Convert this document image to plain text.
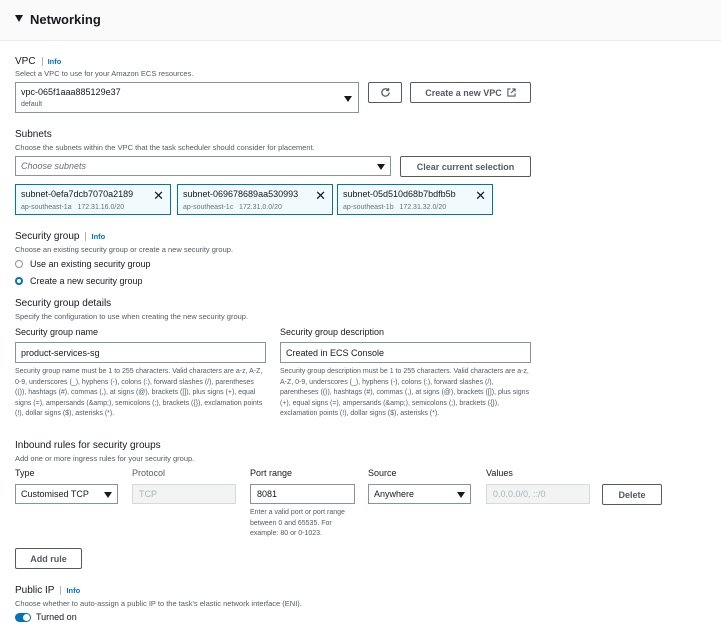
Networking
VPC Info
Select a VPC to use for your Amazon ECS resources.
vpc-065f1aaa885129e37
default
Create a new VPC
Subnets
Choose the subnets within the VPC that the task scheduler should consider for placement.
Choose subnets	Clear current selection
subnet-0efa7dcb7070a2189
ap-southeast-1a 172.31.16.0/20
✕ subnet-069678689aa530993
ap-southeast-1c 172.31.0.0/20
✕ subnet-05d510d68b7bdfb5b
ap-southeast-1b 172.31.32.0/20
✕
Security group Info
Choose an existing security group or create a new security group.
Use an existing security group
Create a new security group
Security group details
Specify the configuration to use when creating the new security group.
Security group name
product-services-sg
Security group name must be 1 to 255 characters. Valid characters are a-z, A-Z, 0-9, underscores (_), hyphens (-), colons (:), forward slashes (/), parentheses (()), hashtags (#), commas (,), at signs (@), brackets ([]), plus signs (+), equal signs (=), ampersands (&amp;), semicolons (;), brackets ({}), exclamation points (!), dollar signs ($), asterisks (*).
Security group description
Created in ECS Console
Security group description must be 1 to 255 characters. Valid characters are a-z, A-Z, 0-9, underscores (_), hyphens (-), colons (:), forward slashes (/), parentheses (()), hashtags (#), commas (,), at signs (@), brackets ([]), plus signs (+), equal signs (=), ampersands (&amp;), semicolons (;), brackets ({}), exclamation points (!), dollar signs ($), asterisks (*).
Inbound rules for security groups
Add one or more ingress rules for your security group.
Type	Protocol	Port range	Source	Values
Customised TCP	TCP	8081	Anywhere	0.0.0.0/0, ::/0	Delete
Enter a valid port or port range between 0 and 65535. For example: 80 or 0-1023.
Add rule
Public IP Info
Choose whether to auto-assign a public IP to the task's elastic network interface (ENI).
Turned on
